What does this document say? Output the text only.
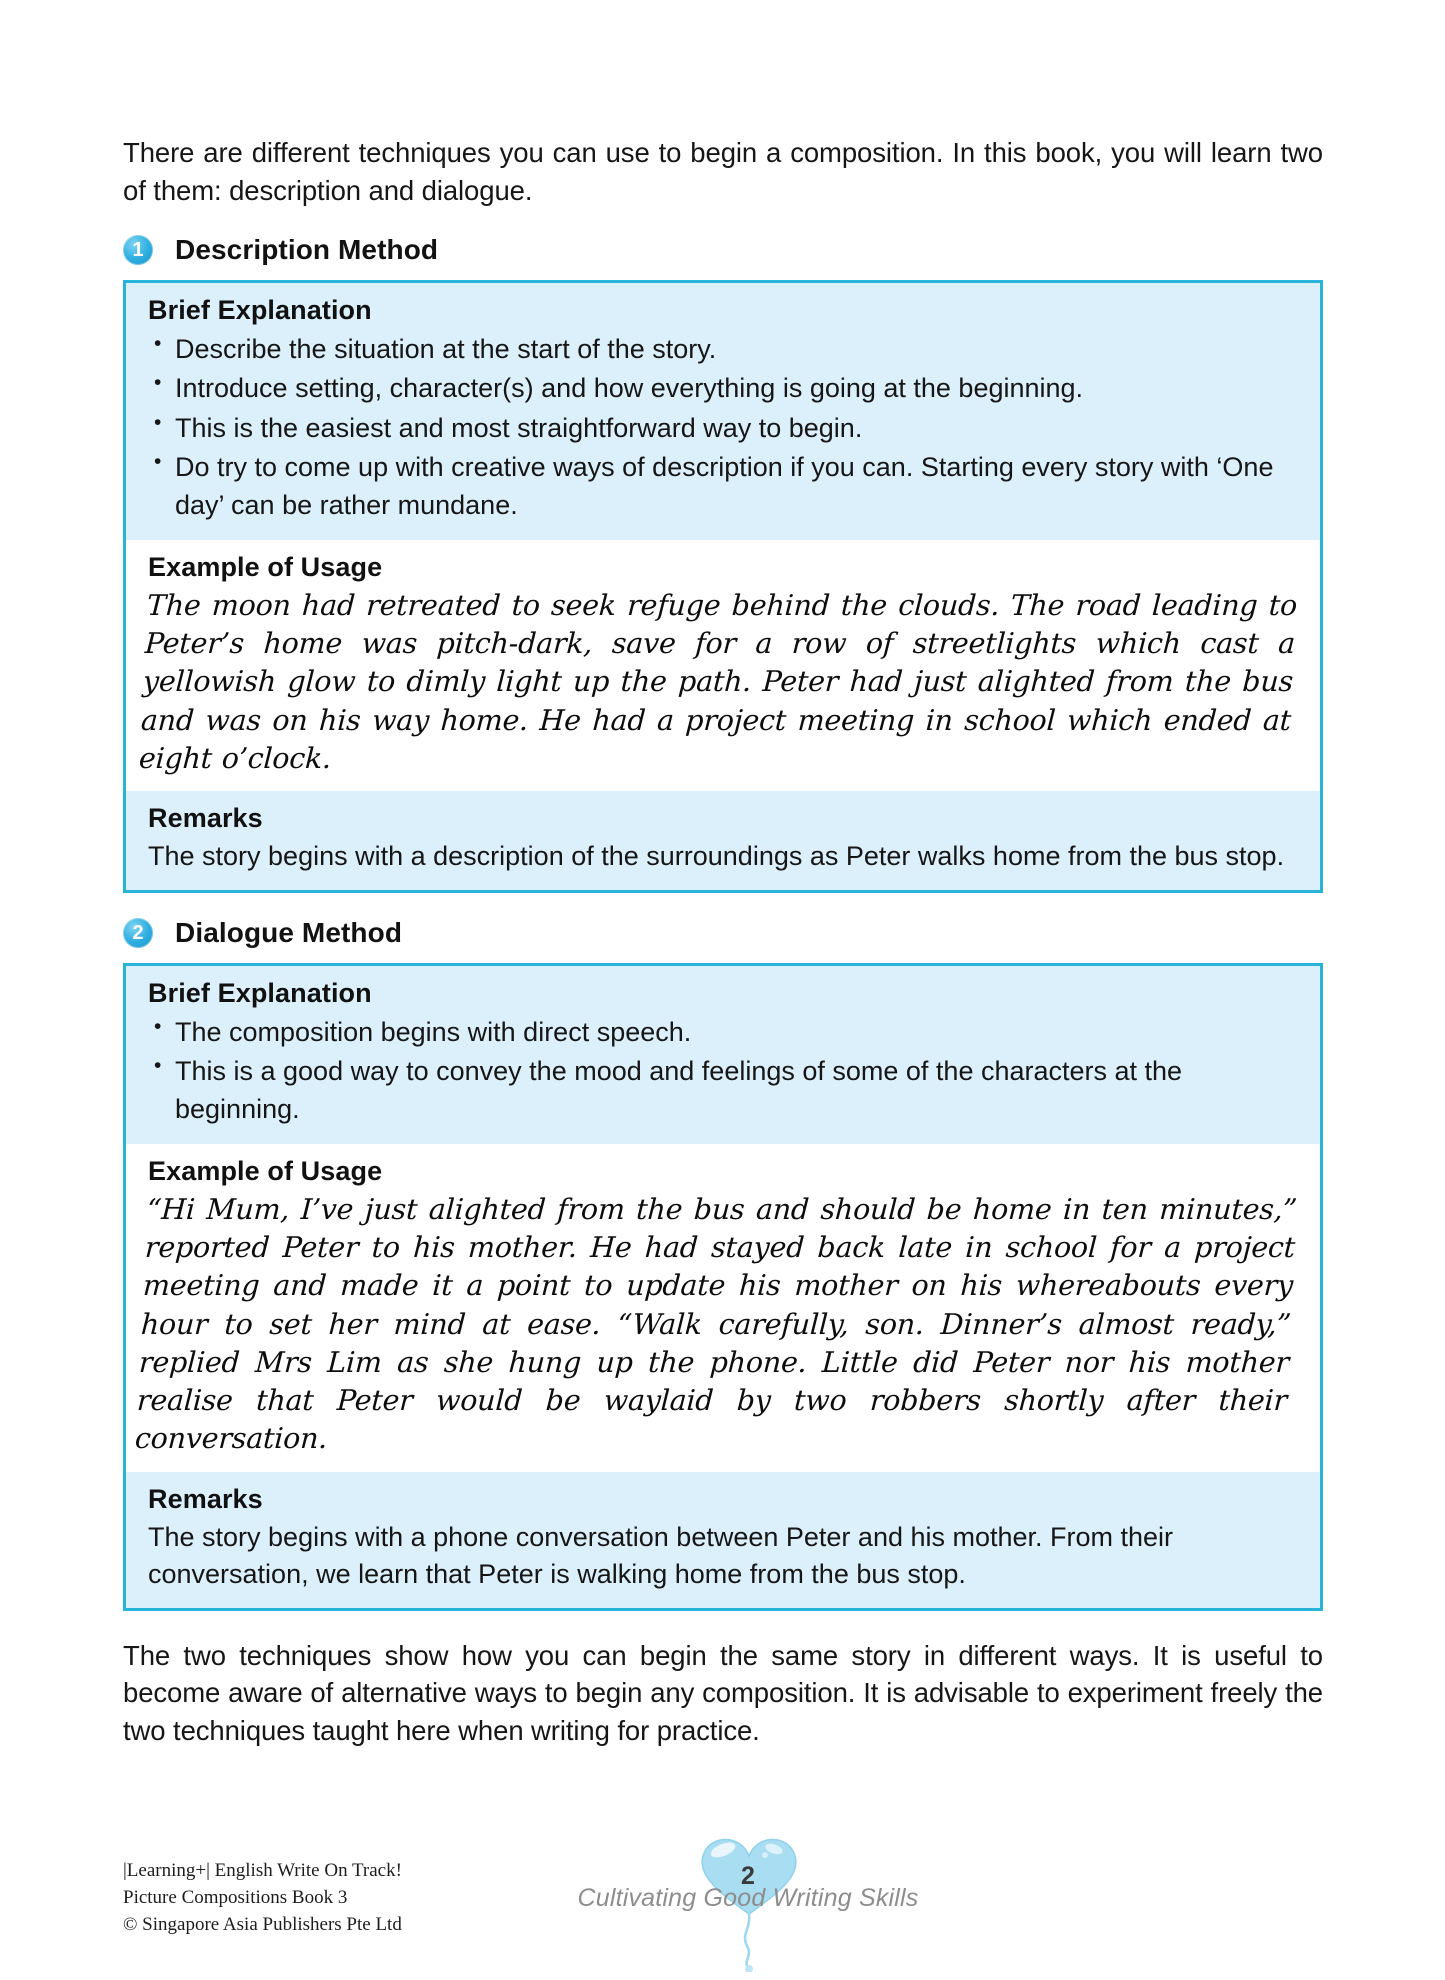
There are different techniques you can use to begin a composition. In this book, you will learn two of them: description and dialogue.

1	Description Method
Brief Explanation
• Describe the situation at the start of the story.
• Introduce setting, character(s) and how everything is going at the beginning.
• This is the easiest and most straightforward way to begin.
• Do try to come up with creative ways of description if you can. Starting every story with ‘One day’ can be rather mundane.
Example of Usage

The moon had retreated to seek refuge behind the clouds. The road leading to Peter’s home was pitch-dark, save for a row of streetlights which cast a yellowish glow to dimly light up the path. Peter had just alighted from the bus and was on his way home. He had a project meeting in school which ended at eight o’clock.

Remarks

The story begins with a description of the surroundings as Peter walks home from the bus stop.

2	Dialogue Method
Brief Explanation
• The composition begins with direct speech.
• This is a good way to convey the mood and feelings of some of the characters at the beginning.
Example of Usage

“Hi Mum, I’ve just alighted from the bus and should be home in ten minutes,” reported Peter to his mother. He had stayed back late in school for a project meeting and made it a point to update his mother on his whereabouts every hour to set her mind at ease. “Walk carefully, son. Dinner’s almost ready,” replied Mrs Lim as she hung up the phone. Little did Peter nor his mother realise that Peter would be waylaid by two robbers shortly after their conversation.

Remarks

The story begins with a phone conversation between Peter and his mother. From their conversation, we learn that Peter is walking home from the bus stop.

The two techniques show how you can begin the same story in different ways. It is useful to become aware of alternative ways to begin any composition. It is advisable to experiment freely the two techniques taught here when writing for practice.

|Learning+| English Write On Track!
Picture Compositions Book 3
© Singapore Asia Publishers Pte Ltd
2
Cultivating Good Writing Skills
